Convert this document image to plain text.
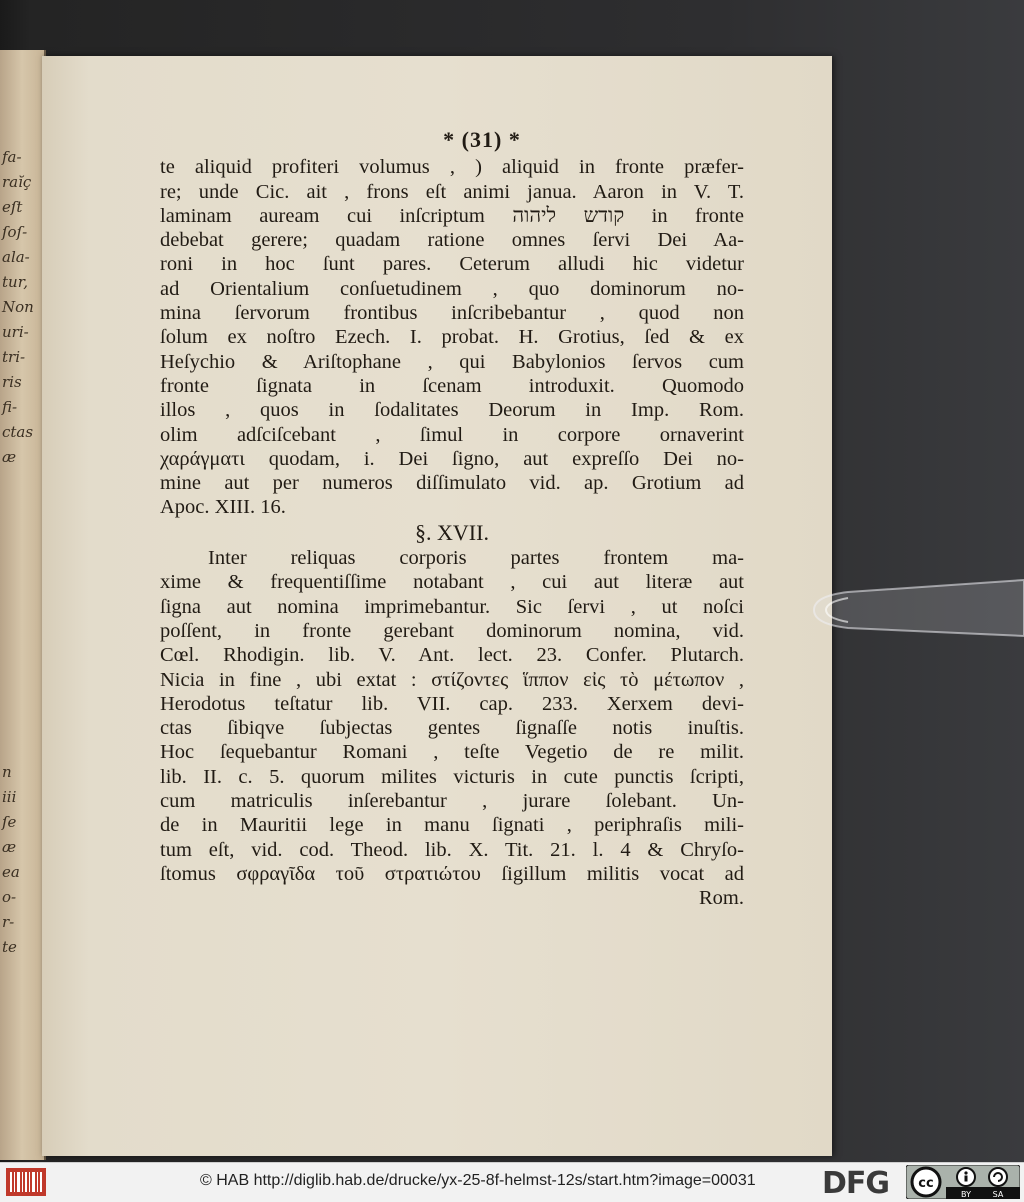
fa-
raĭç
eſt
ſoſ-
ala-
tur,
Non
uri-
tri-
ris
fi-
ctas
æ
n
iii
ſe
æ
ea
o-
r-
te
* (31) *
te aliquid profiteri volumus , ) aliquid in fronte præfer-
re; unde Cic. ait , frons eſt animi janua. Aaron in V. T.
laminam auream cui inſcriptum קודש ליהוה in fronte
debebat gerere; quadam ratione omnes ſervi Dei Aa-
roni in hoc ſunt pares. Ceterum alludi hic videtur
ad Orientalium conſuetudinem , quo dominorum no-
mina ſervorum frontibus inſcribebantur , quod non
ſolum ex noſtro Ezech. I. probat. H. Grotius, ſed & ex
Heſychio & Ariſtophane , qui Babylonios ſervos cum
fronte ſignata in ſcenam introduxit. Quomodo
illos , quos in ſodalitates Deorum in Imp. Rom.
olim adſciſcebant , ſimul in corpore ornaverint
χαράγματι quodam, i. Dei ſigno, aut expreſſo Dei no-
mine aut per numeros diſſimulato vid. ap. Grotium ad
Apoc. XIII. 16.
§. XVII.
Inter reliquas corporis partes frontem ma-
xime & frequentiſſime notabant , cui aut literæ aut
ſigna aut nomina imprimebantur. Sic ſervi , ut noſci
poſſent, in fronte gerebant dominorum nomina, vid.
Cœl. Rhodigin. lib. V. Ant. lect. 23. Confer. Plutarch.
Nicia in fine , ubi extat : στίζοντες ἵππον εἰς τὸ μέτωπον ,
Herodotus teſtatur lib. VII. cap. 233. Xerxem devi-
ctas ſibiqve ſubjectas gentes ſignaſſe notis inuſtis.
Hoc ſequebantur Romani , teſte Vegetio de re milit.
lib. II. c. 5. quorum milites victuris in cute punctis ſcripti,
cum matriculis inſerebantur , jurare ſolebant. Un-
de in Mauritii lege in manu ſignati , periphraſis mili-
tum eſt, vid. cod. Theod. lib. X. Tit. 21. l. 4 & Chryſo-
ſtomus σφραγῖδα τοῦ στρατιώτου ſigillum militis vocat ad
Rom.
© HAB http://diglib.hab.de/drucke/yx-25-8f-helmst-12s/start.htm?image=00031 DFG cc
BY	SA
